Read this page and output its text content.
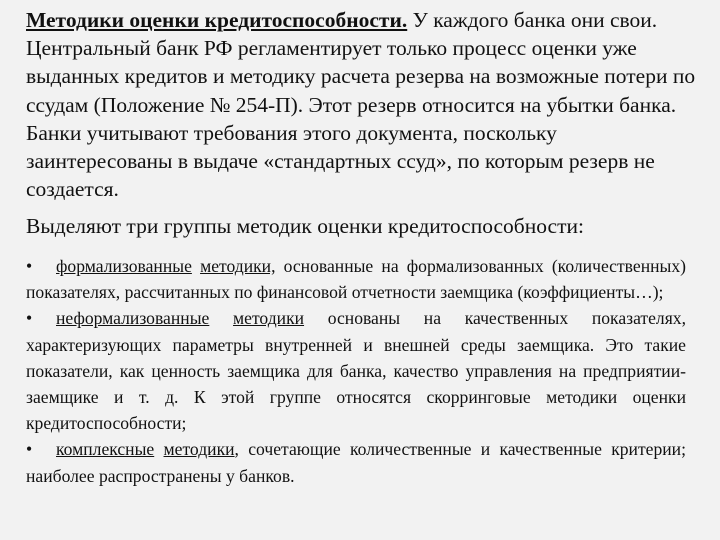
Методики оценки кредитоспособности. У каждого банка они свои. Центральный банк РФ регламентирует только процесс оценки уже выданных кредитов и методику расчета резерва на возможные потери по ссудам (Положение № 254-П). Этот резерв относится на убытки банка. Банки учитывают требования этого документа, поскольку заинтересованы в выдаче «стандартных ссуд», по которым резерв не создается.
Выделяют три группы методик оценки кредитоспособности:

• формализованные методики, основанные на формализованных (количественных) показателях, рассчитанных по финансовой отчетности заемщика (коэффициенты…);

• неформализованные методики основаны на качественных показателях, характеризующих параметры внутренней и внешней среды заемщика. Это такие показатели, как ценность заемщика для банка, качество управления на предприятии-заемщике и т. д. К этой группе относятся скорринговые методики оценки кредитоспособности;

• комплексные методики, сочетающие количественные и качественные критерии; наиболее распространены у банков.
